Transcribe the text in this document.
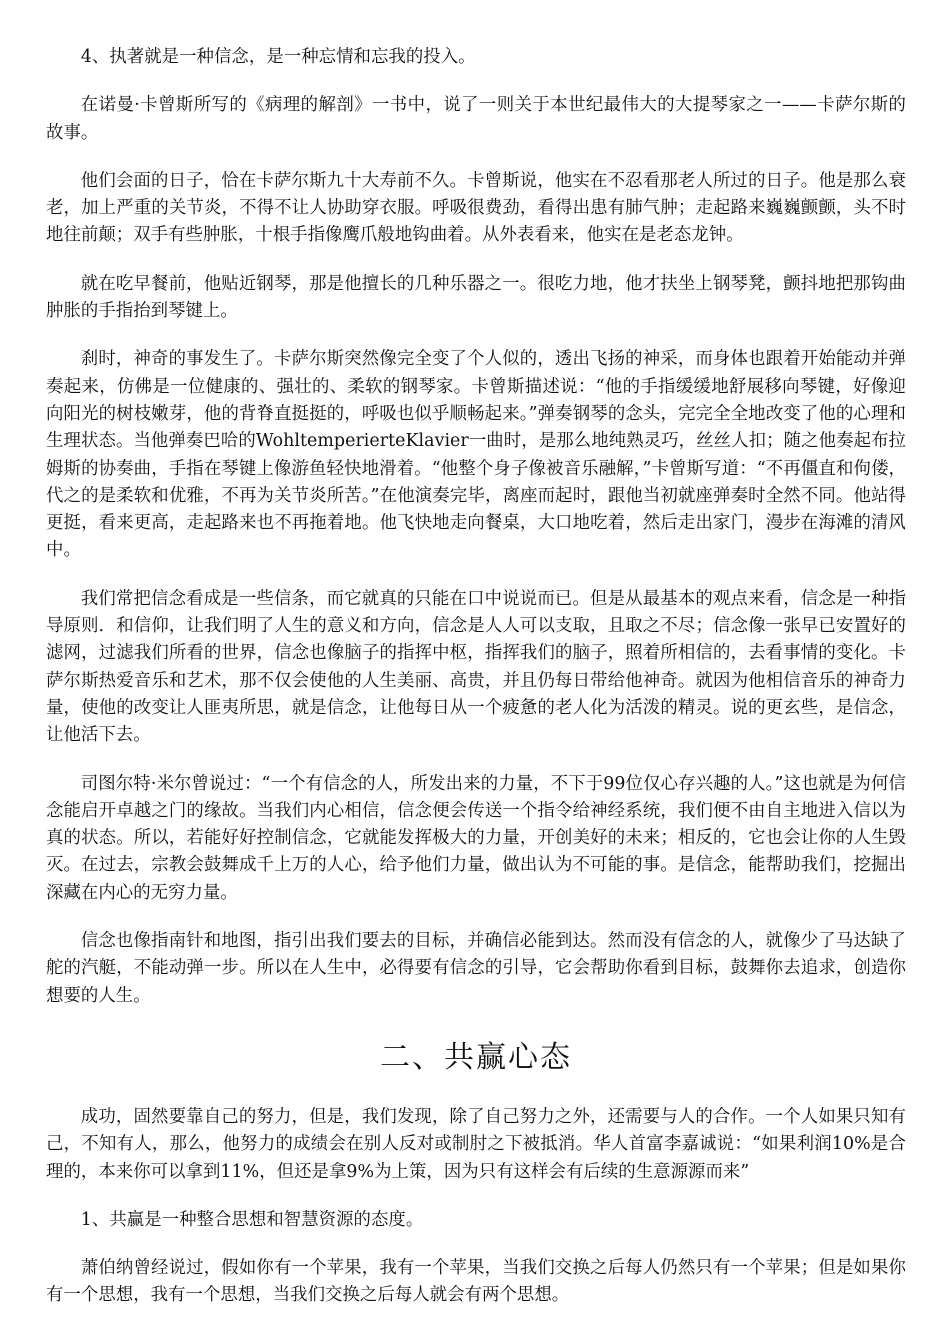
4、执著就是一种信念，是一种忘情和忘我的投入。

在诺曼·卡曾斯所写的《病理的解剖》一书中，说了一则关于本世纪最伟大的大提琴家之一——卡萨尔斯的故事。

他们会面的日子，恰在卡萨尔斯九十大寿前不久。卡曾斯说，他实在不忍看那老人所过的日子。他是那么衰老，加上严重的关节炎，不得不让人协助穿衣服。呼吸很费劲，看得出患有肺气肿；走起路来巍巍颤颤，头不时地往前颠；双手有些肿胀，十根手指像鹰爪般地钩曲着。从外表看来，他实在是老态龙钟。

就在吃早餐前，他贴近钢琴，那是他擅长的几种乐器之一。很吃力地，他才扶坐上钢琴凳，颤抖地把那钩曲肿胀的手指抬到琴键上。

刹时，神奇的事发生了。卡萨尔斯突然像完全变了个人似的，透出飞扬的神采，而身体也跟着开始能动并弹奏起来，仿佛是一位健康的、强壮的、柔软的钢琴家。卡曾斯描述说：“他的手指缓缓地舒展移向琴键，好像迎向阳光的树枝嫩芽，他的背脊直挺挺的，呼吸也似乎顺畅起来。”弹奏钢琴的念头，完完全全地改变了他的心理和生理状态。当他弹奏巴哈的WohltemperierteKlavier一曲时，是那么地纯熟灵巧，丝丝人扣；随之他奏起布拉姆斯的协奏曲，手指在琴键上像游鱼轻快地滑着。“他整个身子像被音乐融解，”卡曾斯写道：“不再僵直和佝偻，代之的是柔软和优雅，不再为关节炎所苦。”在他演奏完毕，离座而起时，跟他当初就座弹奏时全然不同。他站得更挺，看来更高，走起路来也不再拖着地。他飞快地走向餐桌，大口地吃着，然后走出家门，漫步在海滩的清风中。

我们常把信念看成是一些信条，而它就真的只能在口中说说而已。但是从最基本的观点来看，信念是一种指导原则．和信仰，让我们明了人生的意义和方向，信念是人人可以支取，且取之不尽；信念像一张早已安置好的滤网，过滤我们所看的世界，信念也像脑子的指挥中枢，指挥我们的脑子，照着所相信的，去看事情的变化。卡萨尔斯热爱音乐和艺术，那不仅会使他的人生美丽、高贵，并且仍每日带给他神奇。就因为他相信音乐的神奇力量，使他的改变让人匪夷所思，就是信念，让他每日从一个疲惫的老人化为活泼的精灵。说的更玄些，是信念，让他活下去。

司图尔特·米尔曾说过：“一个有信念的人，所发出来的力量，不下于99位仅心存兴趣的人。”这也就是为何信念能启开卓越之门的缘故。当我们内心相信，信念便会传送一个指令给神经系统，我们便不由自主地进入信以为真的状态。所以，若能好好控制信念，它就能发挥极大的力量，开创美好的未来；相反的，它也会让你的人生毁灭。在过去，宗教会鼓舞成千上万的人心，给予他们力量，做出认为不可能的事。是信念，能帮助我们，挖掘出深藏在内心的无穷力量。

信念也像指南针和地图，指引出我们要去的目标，并确信必能到达。然而没有信念的人，就像少了马达缺了舵的汽艇，不能动弹一步。所以在人生中，必得要有信念的引导，它会帮助你看到目标，鼓舞你去追求，创造你想要的人生。

二、共赢心态

成功，固然要靠自己的努力，但是，我们发现，除了自己努力之外，还需要与人的合作。一个人如果只知有己，不知有人，那么，他努力的成绩会在别人反对或制肘之下被抵消。华人首富李嘉诚说：“如果利润10%是合理的，本来你可以拿到11%，但还是拿9%为上策，因为只有这样会有后续的生意源源而来”

1、共赢是一种整合思想和智慧资源的态度。

萧伯纳曾经说过，假如你有一个苹果，我有一个苹果，当我们交换之后每人仍然只有一个苹果；但是如果你有一个思想，我有一个思想，当我们交换之后每人就会有两个思想。
